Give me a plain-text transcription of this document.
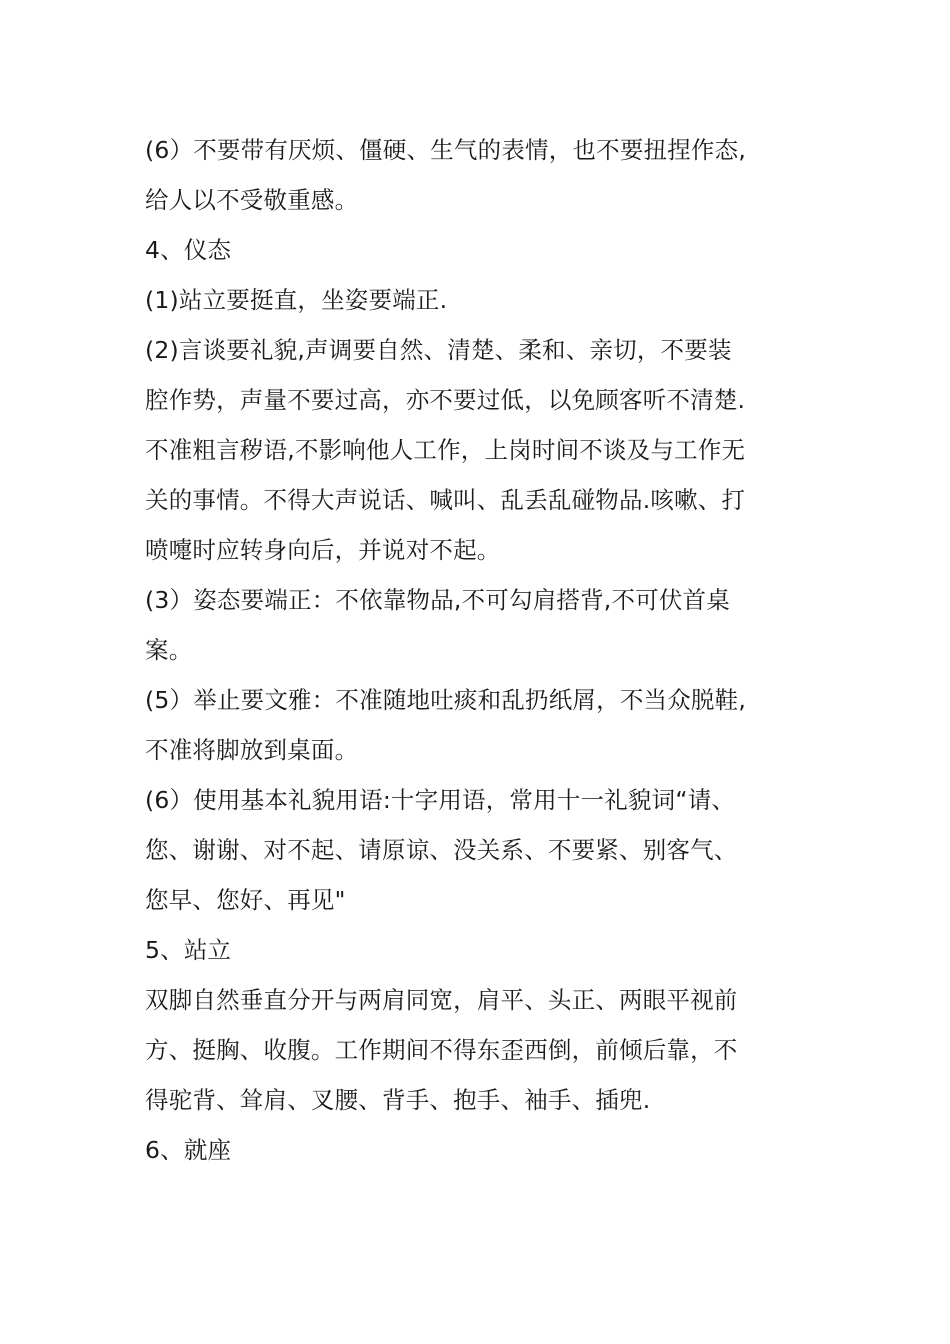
(6）不要带有厌烦、僵硬、生气的表情，也不要扭捏作态,
给人以不受敬重感。
4、仪态
(1)站立要挺直，坐姿要端正.
(2)言谈要礼貌,声调要自然、清楚、柔和、亲切，不要装
腔作势，声量不要过高，亦不要过低，以免顾客听不清楚.
不准粗言秽语,不影响他人工作，上岗时间不谈及与工作无
关的事情。不得大声说话、喊叫、乱丢乱碰物品.咳嗽、打
喷嚏时应转身向后，并说对不起。
(3）姿态要端正：不依靠物品,不可勾肩搭背,不可伏首桌
案。
(5）举止要文雅：不准随地吐痰和乱扔纸屑，不当众脱鞋,
不准将脚放到桌面。
(6）使用基本礼貌用语:十字用语，常用十一礼貌词“请、
您、谢谢、对不起、请原谅、没关系、不要紧、别客气、
您早、您好、再见"
5、站立
双脚自然垂直分开与两肩同宽，肩平、头正、两眼平视前
方、挺胸、收腹。工作期间不得东歪西倒，前倾后靠，不
得驼背、耸肩、叉腰、背手、抱手、袖手、插兜.
6、就座
